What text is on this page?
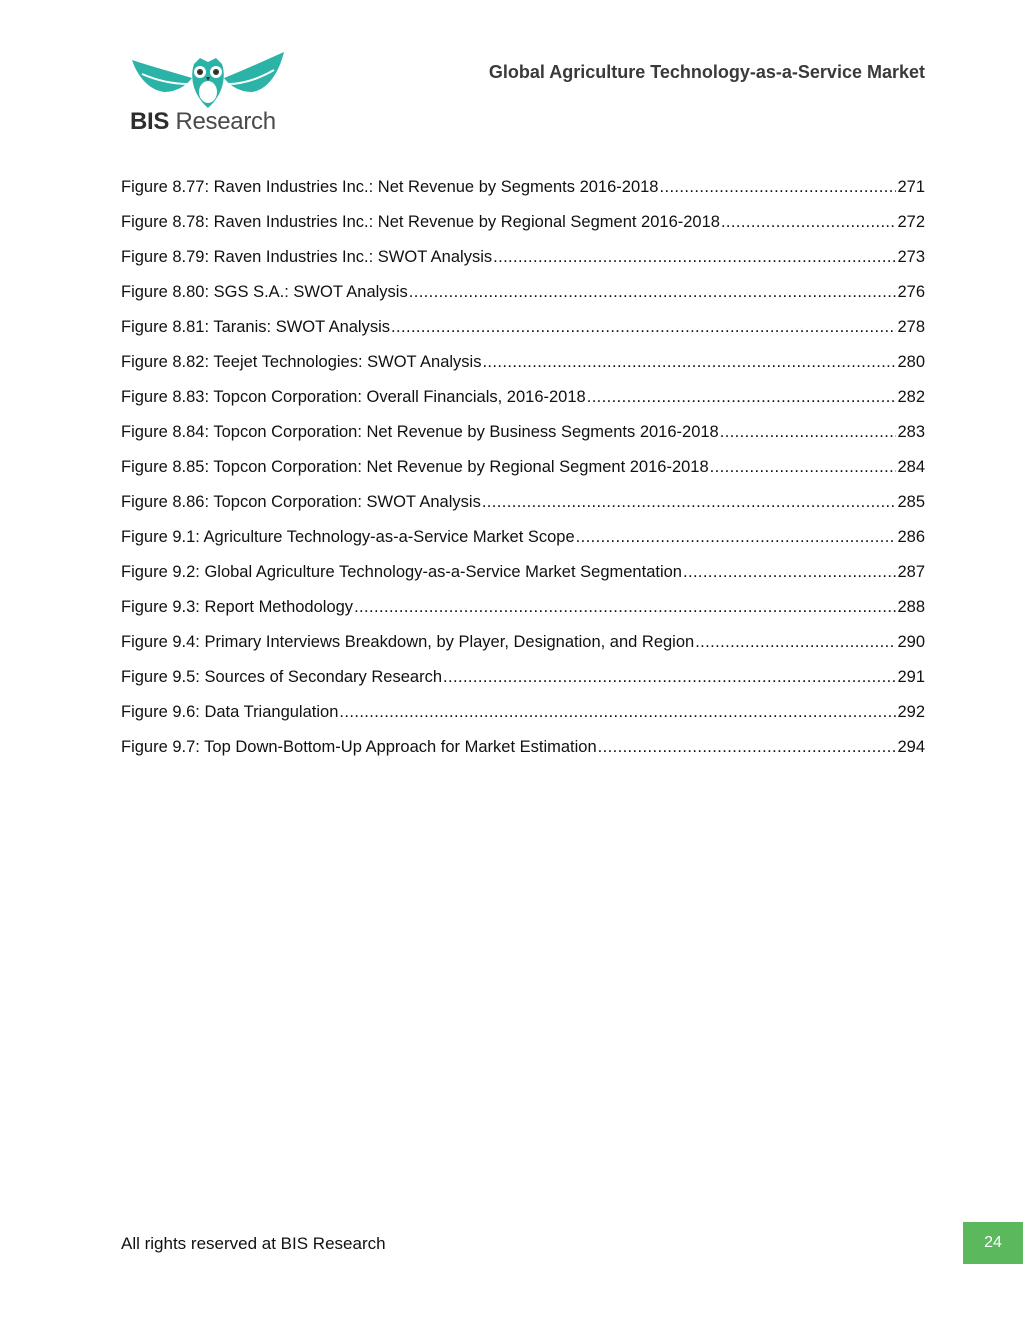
BIS Research
Global Agriculture Technology-as-a-Service Market
Figure 8.77: Raven Industries Inc.: Net Revenue by Segments 2016-2018 .....	271
Figure 8.78: Raven Industries Inc.: Net Revenue by Regional Segment 2016-2018 .....	272
Figure 8.79: Raven Industries Inc.: SWOT Analysis .....	273
Figure 8.80: SGS S.A.: SWOT Analysis .....	276
Figure 8.81: Taranis: SWOT Analysis .....	278
Figure 8.82: Teejet Technologies: SWOT Analysis .....	280
Figure 8.83: Topcon Corporation: Overall Financials, 2016-2018 .....	282
Figure 8.84: Topcon Corporation: Net Revenue by Business Segments 2016-2018 .....	283
Figure 8.85: Topcon Corporation: Net Revenue by Regional Segment 2016-2018 .....	284
Figure 8.86: Topcon Corporation: SWOT Analysis .....	285
Figure 9.1: Agriculture Technology-as-a-Service Market Scope .....	286
Figure 9.2: Global Agriculture Technology-as-a-Service Market Segmentation .....	287
Figure 9.3: Report Methodology .....	288
Figure 9.4: Primary Interviews Breakdown, by Player, Designation, and Region .....	290
Figure 9.5: Sources of Secondary Research .....	291
Figure 9.6: Data Triangulation .....	292
Figure 9.7: Top Down-Bottom-Up Approach for Market Estimation .....	294
All rights reserved at BIS Research	24
